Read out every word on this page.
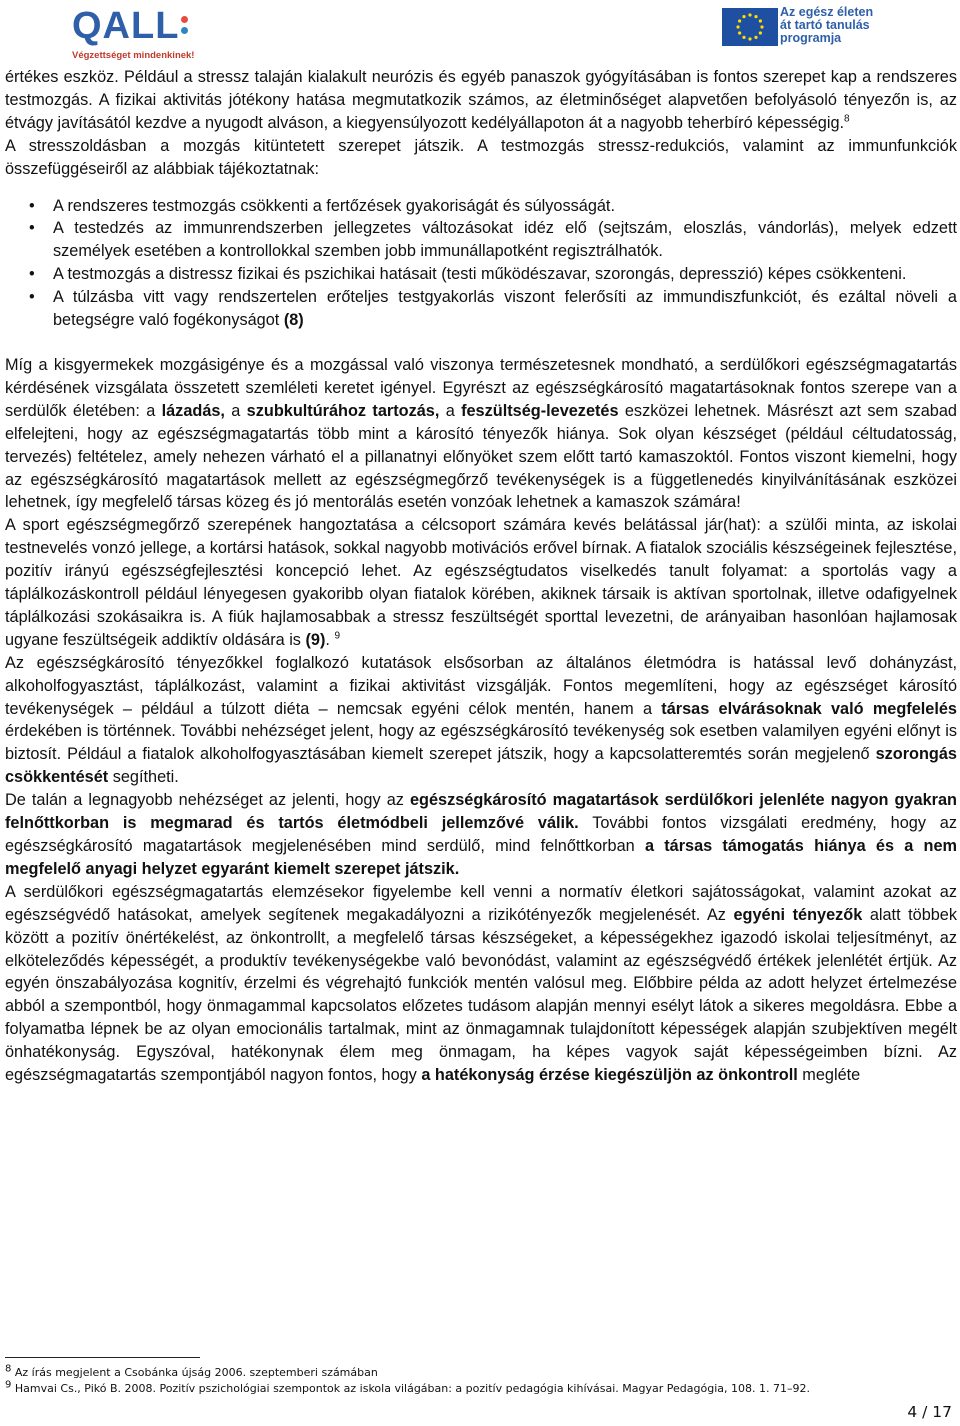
QALL
Végzettséget mindenkinek!
Az egész életen
át tartó tanulás
programja

értékes eszköz. Például a stressz talaján kialakult neurózis és egyéb panaszok gyógyításában is fontos szerepet kap a rendszeres testmozgás. A fizikai aktivitás jótékony hatása megmutatkozik számos, az életminőséget alapvetően befolyásoló tényezőn is, az étvágy javításától kezdve a nyugodt alváson, a kiegyensúlyozott kedélyállapoton át a nagyobb teherbíró képességig.$^8$

A stresszoldásban a mozgás kitüntetett szerepet játszik. A testmozgás stressz-redukciós, valamint az immunfunkciók összefüggéseiről az alábbiak tájékoztatnak:

• A rendszeres testmozgás csökkenti a fertőzések gyakoriságát és súlyosságát.
• A testedzés az immunrendszerben jellegzetes változásokat idéz elő (sejtszám, eloszlás, vándorlás), melyek edzett személyek esetében a kontrollokkal szemben jobb immunállapotként regisztrálhatók.
• A testmozgás a distressz fizikai és pszichikai hatásait (testi működészavar, szorongás, depresszió) képes csökkenteni.
• A túlzásba vitt vagy rendszertelen erőteljes testgyakorlás viszont felerősíti az immundiszfunkciót, és ezáltal növeli a betegségre való fogékonyságot (8)

Míg a kisgyermekek mozgásigénye és a mozgással való viszonya természetesnek mondható, a serdülőkori egészségmagatartás kérdésének vizsgálata összetett szemléleti keretet igényel. Egyrészt az egészségkárosító magatartásoknak fontos szerepe van a serdülők életében: a lázadás, a szubkultúrához tartozás, a feszültség-levezetés eszközei lehetnek. Másrészt azt sem szabad elfelejteni, hogy az egészségmagatartás több mint a károsító tényezők hiánya. Sok olyan készséget (például céltudatosság, tervezés) feltételez, amely nehezen várható el a pillanatnyi előnyöket szem előtt tartó kamaszoktól. Fontos viszont kiemelni, hogy az egészségkárosító magatartások mellett az egészségmegőrző tevékenységek is a függetlenedés kinyilvánításának eszközei lehetnek, így megfelelő társas közeg és jó mentorálás esetén vonzóak lehetnek a kamaszok számára!

A sport egészségmegőrző szerepének hangoztatása a célcsoport számára kevés belátással jár(hat): a szülői minta, az iskolai testnevelés vonzó jellege, a kortársi hatások, sokkal nagyobb motivációs erővel bírnak. A fiatalok szociális készségeinek fejlesztése, pozitív irányú egészségfejlesztési koncepció lehet. Az egészségtudatos viselkedés tanult folyamat: a sportolás vagy a táplálkozáskontroll például lényegesen gyakoribb olyan fiatalok körében, akiknek társaik is aktívan sportolnak, illetve odafigyelnek táplálkozási szokásaikra is. A fiúk hajlamosabbak a stressz feszültségét sporttal levezetni, de arányaiban hasonlóan hajlamosak ugyane feszültségeik addiktív oldására is (9). $^9$

Az egészségkárosító tényezőkkel foglalkozó kutatások elsősorban az általános életmódra is hatással levő dohányzást, alkoholfogyasztást, táplálkozást, valamint a fizikai aktivitást vizsgálják. Fontos megemlíteni, hogy az egészséget károsító tevékenységek – például a túlzott diéta – nemcsak egyéni célok mentén, hanem a társas elvárásoknak való megfelelés érdekében is történnek. További nehézséget jelent, hogy az egészségkárosító tevékenység sok esetben valamilyen egyéni előnyt is biztosít. Például a fiatalok alkoholfogyasztásában kiemelt szerepet játszik, hogy a kapcsolatteremtés során megjelenő szorongás csökkentését segítheti.

De talán a legnagyobb nehézséget az jelenti, hogy az egészségkárosító magatartások serdülőkori jelenléte nagyon gyakran felnőttkorban is megmarad és tartós életmódbeli jellemzővé válik. További fontos vizsgálati eredmény, hogy az egészségkárosító magatartások megjelenésében mind serdülő, mind felnőttkorban a társas támogatás hiánya és a nem megfelelő anyagi helyzet egyaránt kiemelt szerepet játszik.

A serdülőkori egészségmagatartás elemzésekor figyelembe kell venni a normatív életkori sajátosságokat, valamint azokat az egészségvédő hatásokat, amelyek segítenek megakadályozni a rizikótényezők megjelenését. Az egyéni tényezők alatt többek között a pozitív önértékelést, az önkontrollt, a megfelelő társas készségeket, a képességekhez igazodó iskolai teljesítményt, az elköteleződés képességét, a produktív tevékenységekbe való bevonódást, valamint az egészségvédő értékek jelenlétét értjük. Az egyén önszabályozása kognitív, érzelmi és végrehajtó funkciók mentén valósul meg. Előbbire példa az adott helyzet értelmezése abból a szempontból, hogy önmagammal kapcsolatos előzetes tudásom alapján mennyi esélyt látok a sikeres megoldásra. Ebbe a folyamatba lépnek be az olyan emocionális tartalmak, mint az önmagamnak tulajdonított képességek alapján szubjektíven megélt önhatékonyság. Egyszóval, hatékonynak élem meg önmagam, ha képes vagyok saját képességeimben bízni. Az egészségmagatartás szempontjából nagyon fontos, hogy a hatékonyság érzése kiegészüljön az önkontroll megléte

$^8$ Az írás megjelent a Csobánka újság 2006. szeptemberi számában
$^9$ Hamvai Cs., Pikó B. 2008. Pozitív pszichológiai szempontok az iskola világában: a pozitív pedagógia kihívásai. Magyar Pedagógia, 108. 1. 71–92.
4 / 17
